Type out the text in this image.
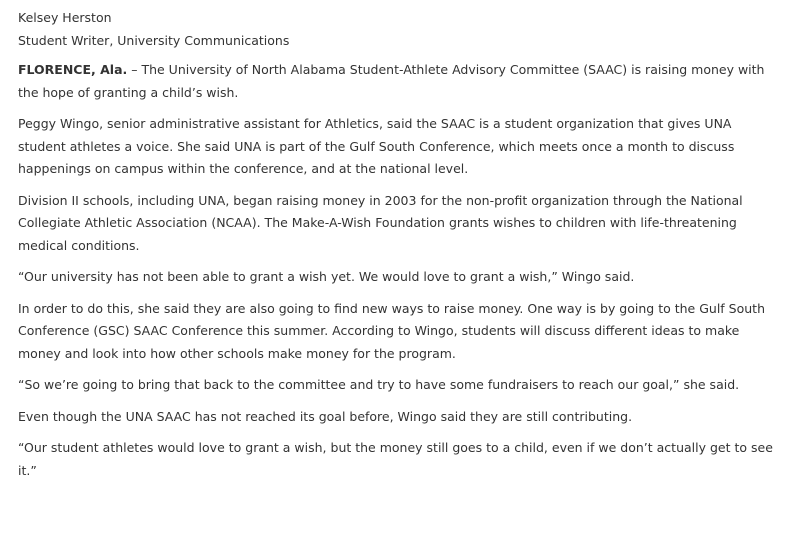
Kelsey Herston
Student Writer, University Communications

FLORENCE, Ala. – The University of North Alabama Student-Athlete Advisory Committee (SAAC) is raising money with the hope of granting a child’s wish.

Peggy Wingo, senior administrative assistant for Athletics, said the SAAC is a student organization that gives UNA student athletes a voice. She said UNA is part of the Gulf South Conference, which meets once a month to discuss happenings on campus within the conference, and at the national level.

Division II schools, including UNA, began raising money in 2003 for the non-profit organization through the National Collegiate Athletic Association (NCAA). The Make-A-Wish Foundation grants wishes to children with life-threatening medical conditions.

“Our university has not been able to grant a wish yet. We would love to grant a wish,” Wingo said.

In order to do this, she said they are also going to find new ways to raise money. One way is by going to the Gulf South Conference (GSC) SAAC Conference this summer. According to Wingo, students will discuss different ideas to make money and look into how other schools make money for the program.

“So we’re going to bring that back to the committee and try to have some fundraisers to reach our goal,” she said.

Even though the UNA SAAC has not reached its goal before, Wingo said they are still contributing.

“Our student athletes would love to grant a wish, but the money still goes to a child, even if we don’t actually get to see it.”
